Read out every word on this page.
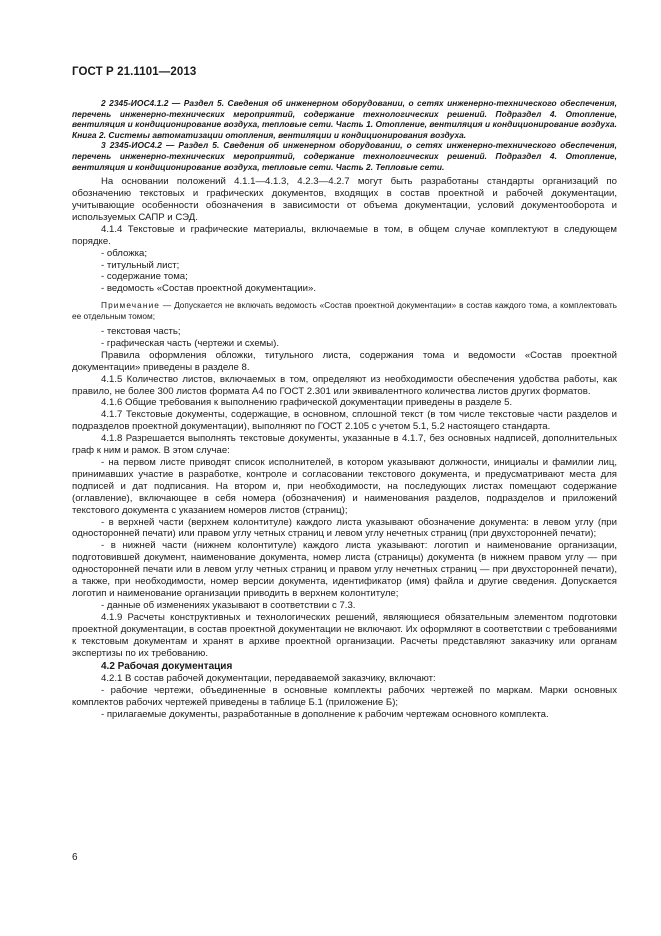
ГОСТ Р 21.1101—2013

2 2345-ИОС4.1.2 — Раздел 5. Сведения об инженерном оборудовании, о сетях инженерно-технического обеспечения, перечень инженерно-технических мероприятий, содержание технологических решений. Подраздел 4. Отопление, вентиляция и кондиционирование воздуха, тепловые сети. Часть 1. Отопление, вентиляция и кондиционирование воздуха. Книга 2. Системы автоматизации отопления, вентиляции и кондиционирования воздуха.

3 2345-ИОС4.2 — Раздел 5. Сведения об инженерном оборудовании, о сетях инженерно-технического обеспечения, перечень инженерно-технических мероприятий, содержание технологических решений. Подраздел 4. Отопление, вентиляция и кондиционирование воздуха, тепловые сети. Часть 2. Тепловые сети.

На основании положений 4.1.1—4.1.3, 4.2.3—4.2.7 могут быть разработаны стандарты организаций по обозначению текстовых и графических документов, входящих в состав проектной и рабочей документации, учитывающие особенности обозначения в зависимости от объема документации, условий документооборота и используемых САПР и СЭД.

4.1.4 Текстовые и графические материалы, включаемые в том, в общем случае комплектуют в следующем порядке.

- обложка;

- титульный лист;

- содержание тома;

- ведомость «Состав проектной документации».

Примечание — Допускается не включать ведомость «Состав проектной документации» в состав каждого тома, а комплектовать ее отдельным томом;

- текстовая часть;

- графическая часть (чертежи и схемы).

Правила оформления обложки, титульного листа, содержания тома и ведомости «Состав проектной документации» приведены в разделе 8.

4.1.5 Количество листов, включаемых в том, определяют из необходимости обеспечения удобства работы, как правило, не более 300 листов формата А4 по ГОСТ 2.301 или эквивалентного количества листов других форматов.

4.1.6 Общие требования к выполнению графической документации приведены в разделе 5.

4.1.7 Текстовые документы, содержащие, в основном, сплошной текст (в том числе текстовые части разделов и подразделов проектной документации), выполняют по ГОСТ 2.105 с учетом 5.1, 5.2 настоящего стандарта.

4.1.8 Разрешается выполнять текстовые документы, указанные в 4.1.7, без основных надписей, дополнительных граф к ним и рамок. В этом случае:

- на первом листе приводят список исполнителей, в котором указывают должности, инициалы и фамилии лиц, принимавших участие в разработке, контроле и согласовании текстового документа, и предусматривают места для подписей и дат подписания. На втором и, при необходимости, на последующих листах помещают содержание (оглавление), включающее в себя номера (обозначения) и наименования разделов, подразделов и приложений текстового документа с указанием номеров листов (страниц);

- в верхней части (верхнем колонтитуле) каждого листа указывают обозначение документа: в левом углу (при односторонней печати) или правом углу четных страниц и левом углу нечетных страниц (при двухсторонней печати);

- в нижней части (нижнем колонтитуле) каждого листа указывают: логотип и наименование организации, подготовившей документ, наименование документа, номер листа (страницы) документа (в нижнем правом углу — при односторонней печати или в левом углу четных страниц и правом углу нечетных страниц — при двухсторонней печати), а также, при необходимости, номер версии документа, идентификатор (имя) файла и другие сведения. Допускается логотип и наименование организации приводить в верхнем колонтитуле;

- данные об изменениях указывают в соответствии с 7.3.

4.1.9 Расчеты конструктивных и технологических решений, являющиеся обязательным элементом подготовки проектной документации, в состав проектной документации не включают. Их оформляют в соответствии с требованиями к текстовым документам и хранят в архиве проектной организации. Расчеты представляют заказчику или органам экспертизы по их требованию.

4.2 Рабочая документация

4.2.1 В состав рабочей документации, передаваемой заказчику, включают:

- рабочие чертежи, объединенные в основные комплекты рабочих чертежей по маркам. Марки основных комплектов рабочих чертежей приведены в таблице Б.1 (приложение Б);

- прилагаемые документы, разработанные в дополнение к рабочим чертежам основного комплекта.

6
